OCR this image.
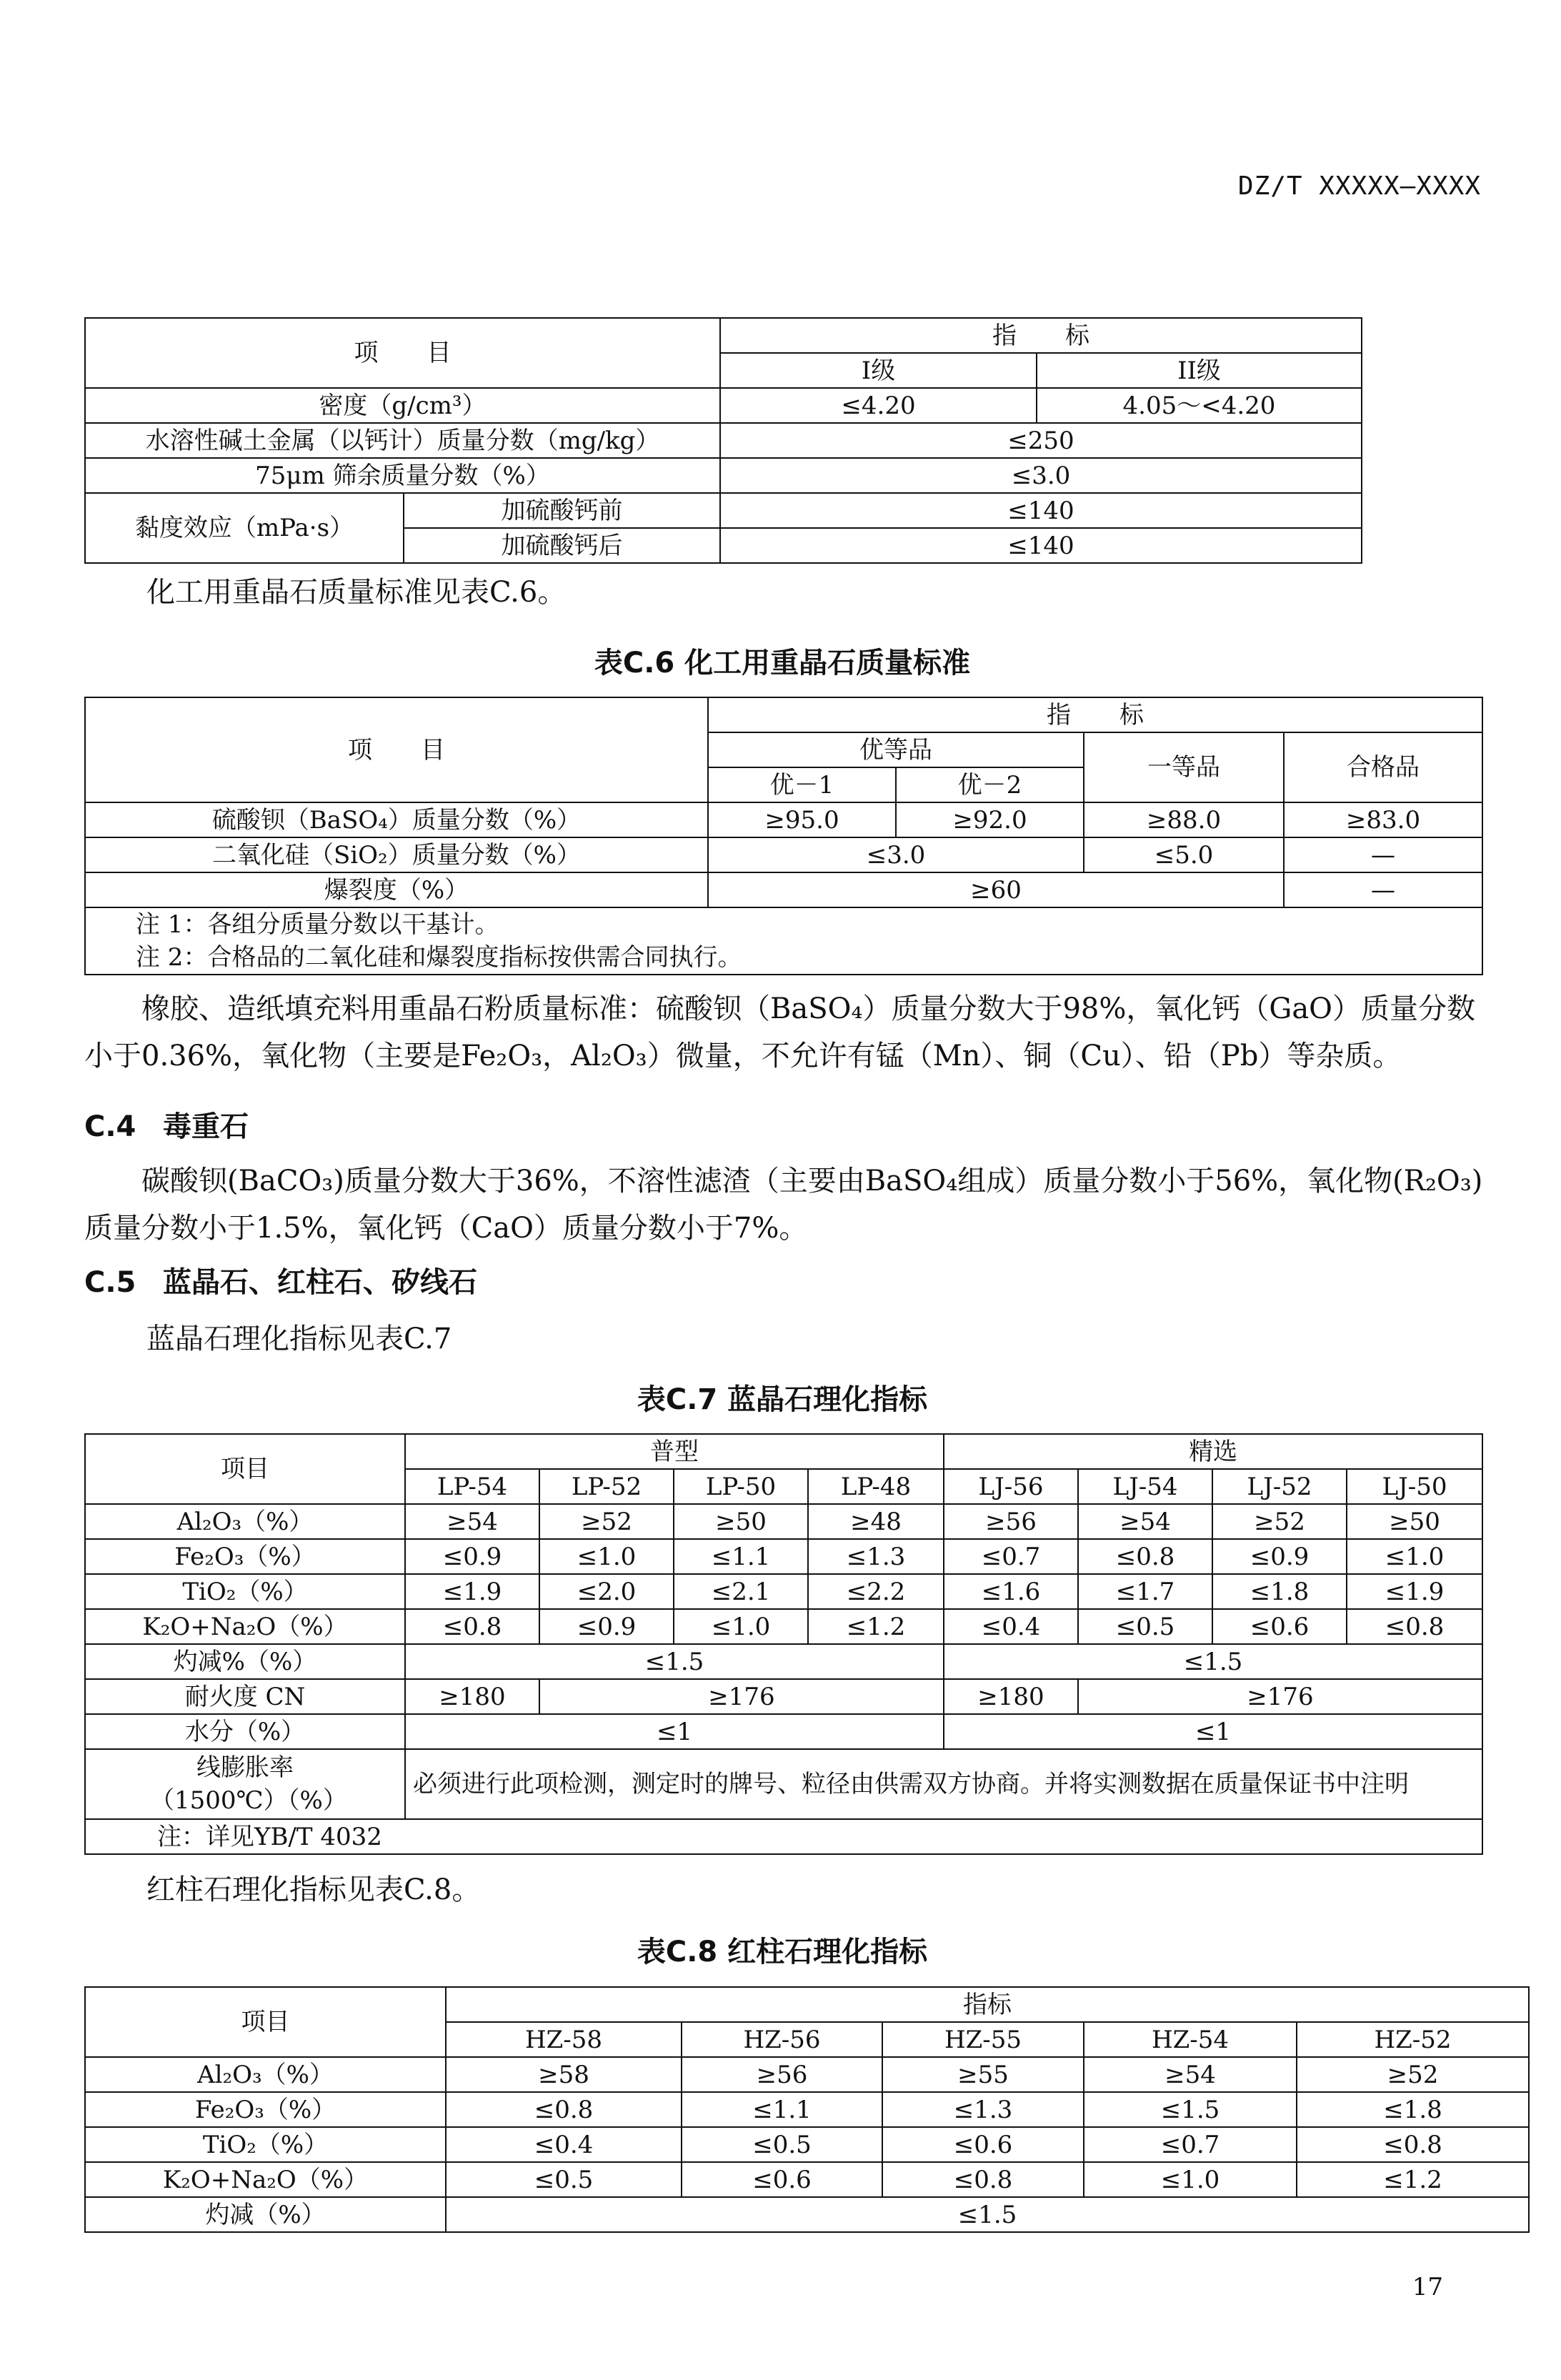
DZ/T XXXXX—XXXX
项　　目		指　　标	
		I级	II级
密度（g/cm³）		≤4.20	4.05～<4.20
水溶性碱土金属（以钙计）质量分数（mg/kg）		≤250	
75μm 筛余质量分数（%）		≤3.0	
黏度效应（mPa·s）	加硫酸钙前	≤140	
	加硫酸钙后	≤140	
化工用重晶石质量标准见表C.6。
表C.6 化工用重晶石质量标准
项　　目	指　　标			
	优等品		一等品	合格品
	优－1	优－2		
硫酸钡（BaSO₄）质量分数（%）	≥95.0	≥92.0	≥88.0	≥83.0
二氧化硅（SiO₂）质量分数（%）	≤3.0		≤5.0	—
爆裂度（%）	≥60			—
注 1：各组分质量分数以干基计。				
注 2：合格品的二氧化硅和爆裂度指标按供需合同执行。				
橡胶、造纸填充料用重晶石粉质量标准：硫酸钡（BaSO₄）质量分数大于98%，氧化钙（GaO）质量分数小于0.36%，氧化物（主要是Fe₂O₃，Al₂O₃）微量，不允许有锰（Mn）、铜（Cu）、铅（Pb）等杂质。
C.4 毒重石
碳酸钡(BaCO₃)质量分数大于36%，不溶性滤渣（主要由BaSO₄组成）质量分数小于56%，氧化物(R₂O₃)质量分数小于1.5%，氧化钙（CaO）质量分数小于7%。
C.5 蓝晶石、红柱石、矽线石
蓝晶石理化指标见表C.7
表C.7 蓝晶石理化指标
项目	普型				精选			
	LP-54	LP-52	LP-50	LP-48	LJ-56	LJ-54	LJ-52	LJ-50
Al₂O₃（%）	≥54	≥52	≥50	≥48	≥56	≥54	≥52	≥50
Fe₂O₃（%）	≤0.9	≤1.0	≤1.1	≤1.3	≤0.7	≤0.8	≤0.9	≤1.0
TiO₂（%）	≤1.9	≤2.0	≤2.1	≤2.2	≤1.6	≤1.7	≤1.8	≤1.9
K₂O+Na₂O（%）	≤0.8	≤0.9	≤1.0	≤1.2	≤0.4	≤0.5	≤0.6	≤0.8
灼减%（%）	≤1.5				≤1.5			
耐火度 CN	≥180	≥176			≥180	≥176		
水分（%）	≤1				≤1			
线膨胀率（1500℃）（%）	必须进行此项检测，测定时的牌号、粒径由供需双方协商。并将实测数据在质量保证书中注明							
注：详见YB/T 4032								
红柱石理化指标见表C.8。
表C.8 红柱石理化指标
项目	指标				
	HZ-58	HZ-56	HZ-55	HZ-54	HZ-52
Al₂O₃（%）	≥58	≥56	≥55	≥54	≥52
Fe₂O₃（%）	≤0.8	≤1.1	≤1.3	≤1.5	≤1.8
TiO₂（%）	≤0.4	≤0.5	≤0.6	≤0.7	≤0.8
K₂O+Na₂O（%）	≤0.5	≤0.6	≤0.8	≤1.0	≤1.2
灼减（%）	≤1.5				
17
